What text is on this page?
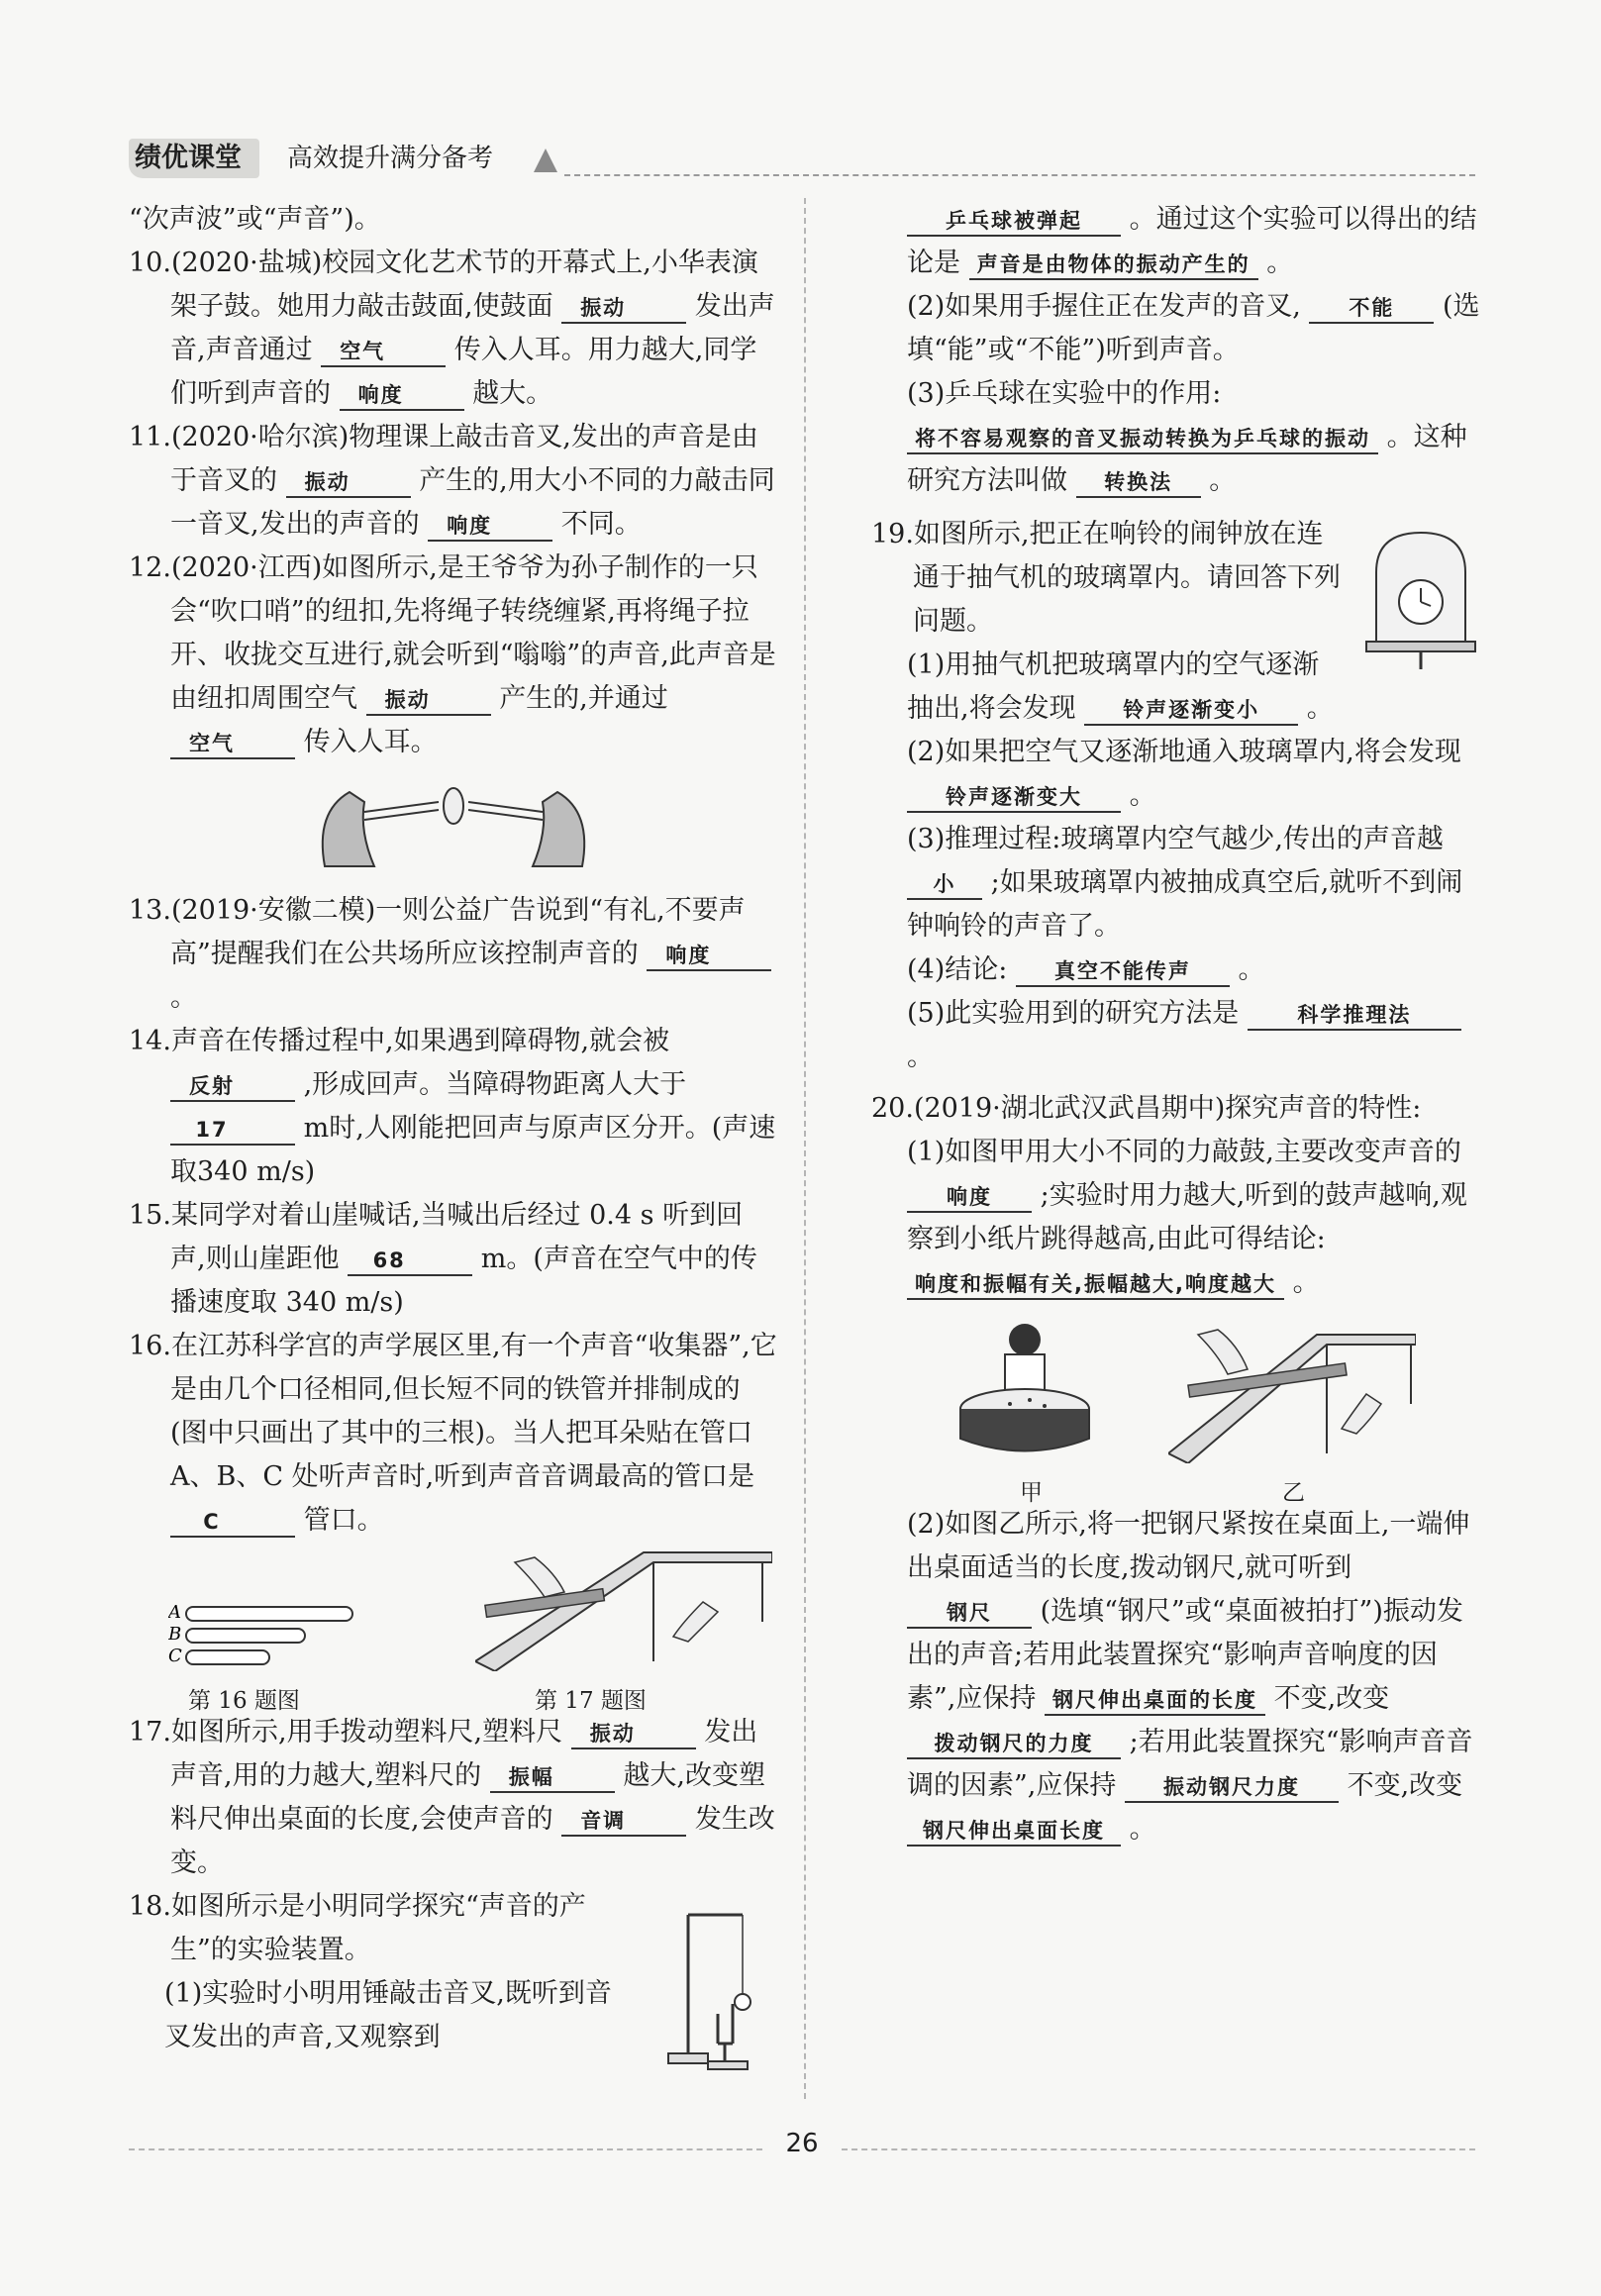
绩优课堂	高效提升满分备考

“次声波”或“声音”)。

10.(2020·盐城)校园文化艺术节的开幕式上,小华表演架子鼓。她用力敲击鼓面,使鼓面 振动	发出声音,声音通过 空气	传入人耳。用力越大,同学们听到声音的 响度	越大。

11.(2020·哈尔滨)物理课上敲击音叉,发出的声音是由于音叉的 振动	产生的,用大小不同的力敲击同一音叉,发出的声音的 响度	不同。

12.(2020·江西)如图所示,是王爷爷为孙子制作的一只会“吹口哨”的纽扣,先将绳子转绕缠紧,再将绳子拉开、收拢交互进行,就会听到“嗡嗡”的声音,此声音是由纽扣周围空气 振动	产生的,并通过 空气	传入人耳。

13.(2019·安徽二模)一则公益广告说到“有礼,不要声高”提醒我们在公共场所应该控制声音的 响度 。

14.声音在传播过程中,如果遇到障碍物,就会被 反射	,形成回声。当障碍物距离人大于 17	m时,人刚能把回声与原声区分开。(声速取340 m/s)

15.某同学对着山崖喊话,当喊出后经过 0.4 s 听到回声,则山崖距他 68	m。(声音在空气中的传播速度取 340 m/s)

16.在江苏科学宫的声学展区里,有一个声音“收集器”,它是由几个口径相同,但长短不同的铁管并排制成的(图中只画出了其中的三根)。当人把耳朵贴在管口 A、B、C 处听声音时,听到声音音调最高的管口是 C	管口。

A
B
C
第 16 题图	第 17 题图

17.如图所示,用手拨动塑料尺,塑料尺 振动	发出声音,用的力越大,塑料尺的 振幅	越大,改变塑料尺伸出桌面的长度,会使声音的 音调	发生改变。

18.如图所示是小明同学探究“声音的产生”的实验装置。

(1)实验时小明用锤敲击音叉,既听到音叉发出的声音,又观察到

乒乓球被弹起 。通过这个实验可以得出的结论是 声音是由物体的振动产生的 。

(2)如果用手握住正在发声的音叉, 不能 (选填“能”或“不能”)听到声音。

(3)乒乓球在实验中的作用: 将不容易观察的音叉振动转换为乒乓球的振动 。这种研究方法叫做 转换法 。

19.如图所示,把正在响铃的闹钟放在连通于抽气机的玻璃罩内。请回答下列问题。

(1)用抽气机把玻璃罩内的空气逐渐抽出,将会发现 铃声逐渐变小 。

(2)如果把空气又逐渐地通入玻璃罩内,将会发现 铃声逐渐变大 。

(3)推理过程:玻璃罩内空气越少,传出的声音越 小 ;如果玻璃罩内被抽成真空后,就听不到闹钟响铃的声音了。

(4)结论: 真空不能传声 。

(5)此实验用到的研究方法是	科学推理法 。

20.(2019·湖北武汉武昌期中)探究声音的特性:

(1)如图甲用大小不同的力敲鼓,主要改变声音的 响度 ;实验时用力越大,听到的鼓声越响,观察到小纸片跳得越高,由此可得结论: 响度和振幅有关,振幅越大,响度越大 。

甲	乙

(2)如图乙所示,将一把钢尺紧按在桌面上,一端伸出桌面适当的长度,拨动钢尺,就可听到 钢尺 (选填“钢尺”或“桌面被拍打”)振动发出的声音;若用此装置探究“影响声音响度的因素”,应保持 钢尺伸出桌面的长度 不变,改变 拨动钢尺的力度 ;若用此装置探究“影响声音音调的因素”,应保持 振动钢尺力度 不变,改变 钢尺伸出桌面长度 。

26
